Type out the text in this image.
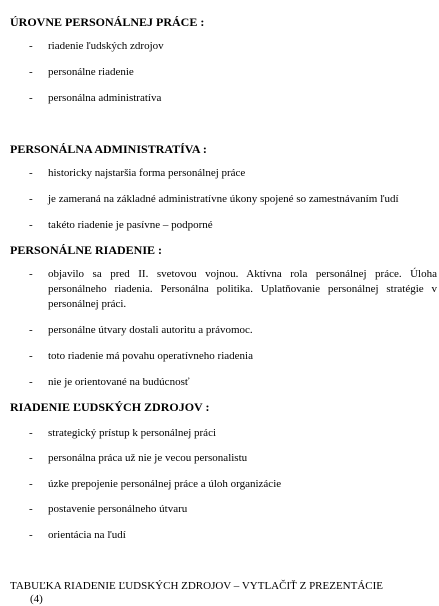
ÚROVNE PERSONÁLNEJ PRÁCE :
- riadenie ľudských zdrojov
- personálne riadenie
- personálna administratíva
PERSONÁLNA ADMINISTRATÍVA :
- historicky najstaršia forma personálnej práce
- je zameraná na základné administratívne úkony spojené so zamestnávaním ľudí
- takéto riadenie je pasívne – podporné
PERSONÁLNE RIADENIE :
- objavilo sa pred II. svetovou vojnou. Aktívna rola personálnej práce. Úloha personálneho riadenia. Personálna politika. Uplatňovanie personálnej stratégie v personálnej práci.
- personálne útvary dostali autoritu a právomoc.
- toto riadenie má povahu operatívneho riadenia
- nie je orientované na budúcnosť
RIADENIE ĽUDSKÝCH ZDROJOV :
- strategický prístup k personálnej práci
- personálna práca už nie je vecou personalistu
- úzke prepojenie personálnej práce a úloh organizácie
- postavenie personálneho útvaru
- orientácia na ľudí
TABUĽKA RIADENIE ĽUDSKÝCH ZDROJOV – VYTLAČIŤ Z PREZENTÁCIE
(4)
